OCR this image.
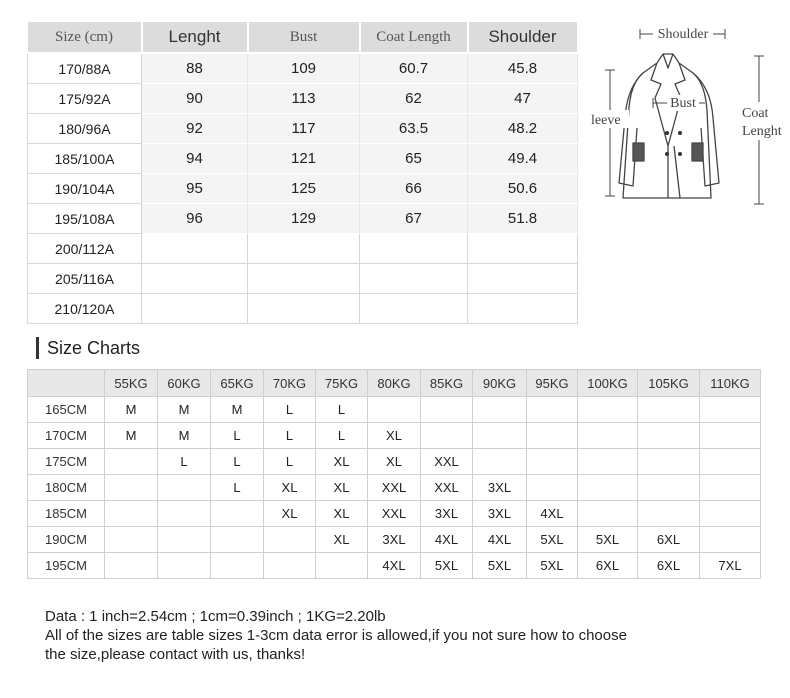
Size (cm)	Lenght	Bust	Coat Length	Shoulder
170/88A	88	109	60.7	45.8
175/92A	90	113	62	47
180/96A	92	117	63.5	48.2
185/100A	94	121	65	49.4
190/104A	95	125	66	50.6
195/108A	96	129	67	51.8
200/112A				
205/116A				
210/120A				
Shoulder
Bust
leeve	Coat
Lenght
Size Charts
	55KG	60KG	65KG	70KG	75KG	80KG	85KG	90KG	95KG	100KG	105KG	110KG
165CM	M	M	M	L	L							
170CM	M	M	L	L	L	XL						
175CM		L	L	L	XL	XL	XXL					
180CM			L	XL	XL	XXL	XXL	3XL				
185CM				XL	XL	XXL	3XL	3XL	4XL			
190CM					XL	3XL	4XL	4XL	5XL	5XL	6XL	
195CM						4XL	5XL	5XL	5XL	6XL	6XL	7XL

Data : 1 inch=2.54cm ; 1cm=0.39inch ; 1KG=2.20lb

All of the sizes are table sizes 1-3cm data error is allowed,if you not sure how to choose

the size,please contact with us, thanks!
